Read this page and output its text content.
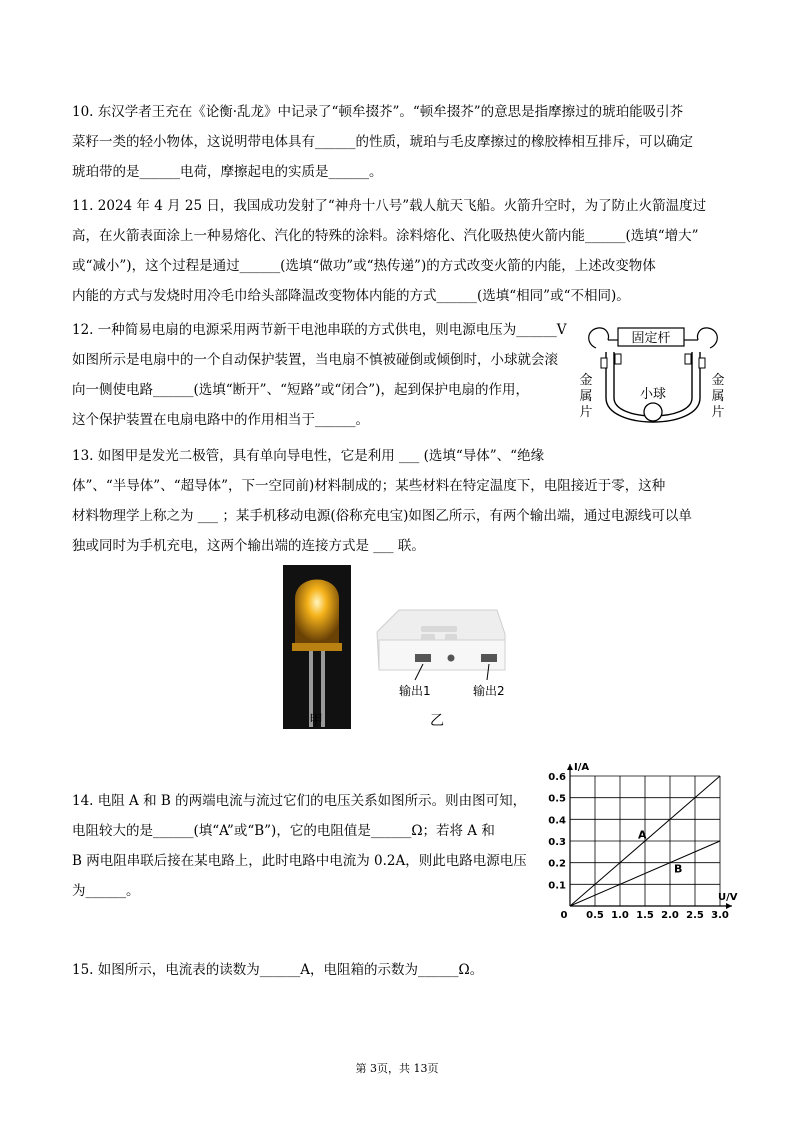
10. 东汉学者王充在《论衡·乱龙》中记录了“顿牟掇芥”。“顿牟掇芥”的意思是指摩擦过的琥珀能吸引芥
菜籽一类的轻小物体，这说明带电体具有______的性质，琥珀与毛皮摩擦过的橡胶棒相互排斥，可以确定
琥珀带的是______电荷，摩擦起电的实质是______。
11. 2024 年 4 月 25 日，我国成功发射了“神舟十八号”载人航天飞船。火箭升空时，为了防止火箭温度过
高，在火箭表面涂上一种易熔化、汽化的特殊的涂料。涂料熔化、汽化吸热使火箭内能______(选填“增大”
或“减小”)，这个过程是通过______(选填“做功”或“热传递”)的方式改变火箭的内能，上述改变物体
内能的方式与发烧时用冷毛巾给头部降温改变物体内能的方式______(选填“相同”或“不相同)。
12. 一种简易电扇的电源采用两节新干电池串联的方式供电，则电源电压为______V
如图所示是电扇中的一个自动保护装置，当电扇不慎被碰倒或倾倒时，小球就会滚
向一侧使电路______(选填“断开”、“短路”或“闭合”)，起到保护电扇的作用，
这个保护装置在电扇电路中的作用相当于______。
固定杆
小球
金
属
片
金
属
片
13. 如图甲是发光二极管，具有单向导电性，它是利用 ___ (选填“导体”、“绝缘
体”、“半导体”、“超导体”，下一空同前)材料制成的；某些材料在特定温度下，电阻接近于零，这种
材料物理学上称之为 ___ ；某手机移动电源(俗称充电宝)如图乙所示，有两个输出端，通过电源线可以单
独或同时为手机充电，这两个输出端的连接方式是 ___ 联。
甲
输出1	输出2
乙
14. 电阻 A 和 B 的两端电流与流过它们的电压关系如图所示。则由图可知，
电阻较大的是______(填“A”或“B”)，它的电阻值是______Ω；若将 A 和
B 两电阻串联后接在某电路上，此时电路中电流为 0.2A，则此电路电源电压
为______。
A
B
0.5 1.0 1.5 2.0 2.5 3.0
0.1
0.2
0.3
0.4
0.5
0.6
0
U/V
I/A
15. 如图所示，电流表的读数为______A，电阻箱的示数为______Ω。
第 3页，共 13页
